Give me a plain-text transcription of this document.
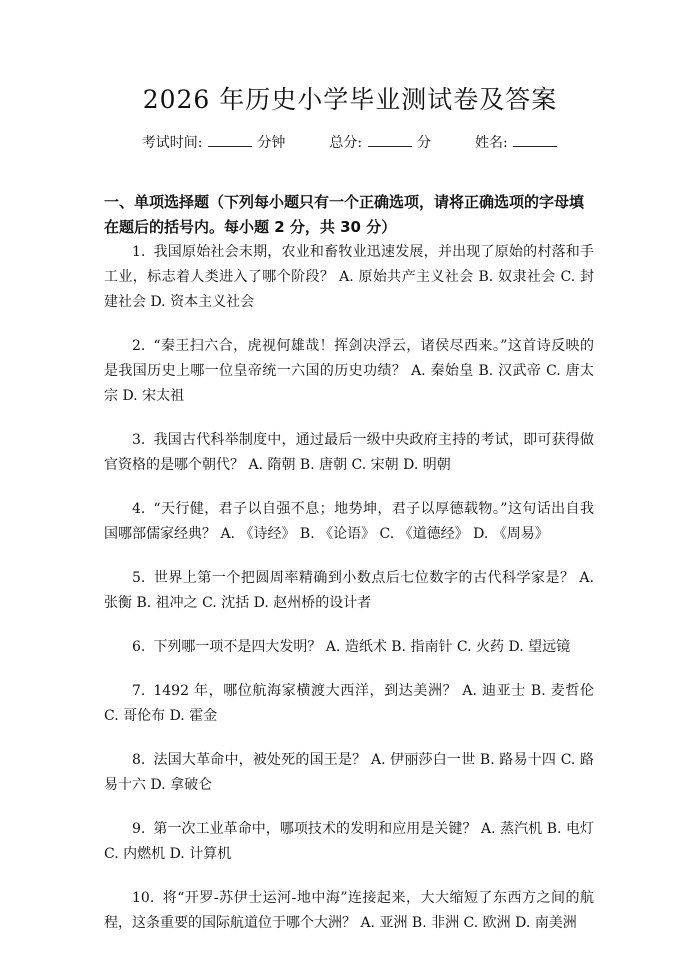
2026 年历史小学毕业测试卷及答案
考试时间:	分钟	总分:	分	姓名:
一、单项选择题（下列每小题只有一个正确选项，请将正确选项的字母填在题后的括号内。每小题 2 分，共 30 分）

1. 我国原始社会末期，农业和畜牧业迅速发展，并出现了原始的村落和手工业，标志着人类进入了哪个阶段？ A. 原始共产主义社会 B. 奴隶社会 C. 封建社会 D. 资本主义社会

2. “秦王扫六合，虎视何雄哉！挥剑决浮云，诸侯尽西来。”这首诗反映的是我国历史上哪一位皇帝统一六国的历史功绩？ A. 秦始皇 B. 汉武帝 C. 唐太宗 D. 宋太祖

3. 我国古代科举制度中，通过最后一级中央政府主持的考试，即可获得做官资格的是哪个朝代？ A. 隋朝 B. 唐朝 C. 宋朝 D. 明朝

4. “天行健，君子以自强不息；地势坤，君子以厚德载物。”这句话出自我国哪部儒家经典？ A. 《诗经》 B. 《论语》 C. 《道德经》 D. 《周易》

5. 世界上第一个把圆周率精确到小数点后七位数字的古代科学家是？ A. 张衡 B. 祖冲之 C. 沈括 D. 赵州桥的设计者

6. 下列哪一项不是四大发明？ A. 造纸术 B. 指南针 C. 火药 D. 望远镜

7. 1492 年，哪位航海家横渡大西洋，到达美洲？ A. 迪亚士 B. 麦哲伦 C. 哥伦布 D. 霍金

8. 法国大革命中，被处死的国王是？ A. 伊丽莎白一世 B. 路易十四 C. 路易十六 D. 拿破仑

9. 第一次工业革命中，哪项技术的发明和应用是关键？ A. 蒸汽机 B. 电灯 C. 内燃机 D. 计算机

10. 将“开罗-苏伊士运河-地中海”连接起来，大大缩短了东西方之间的航程，这条重要的国际航道位于哪个大洲？ A. 亚洲 B. 非洲 C. 欧洲 D. 南美洲
